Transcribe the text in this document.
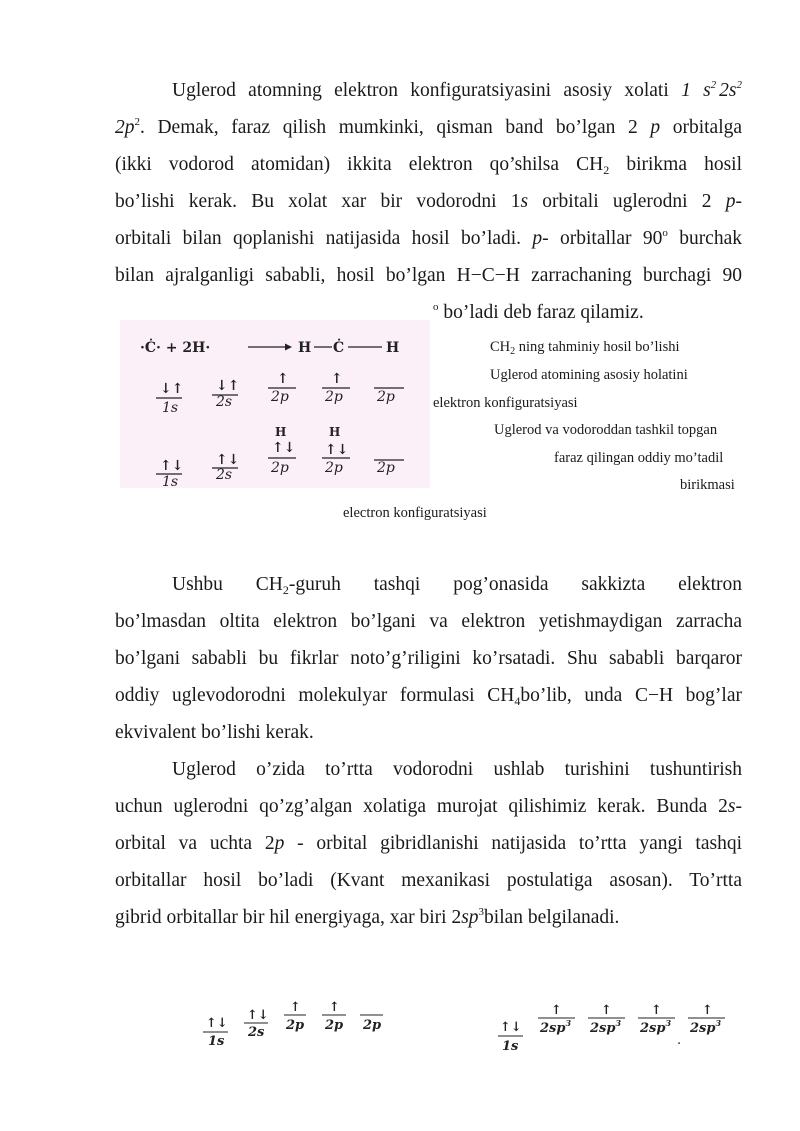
Uglerod atomning elektron konfiguratsiyasini asosiy xolati 1 $s^2$ $2s^2$
$2p^2$. Demak, faraz qilish mumkinki, qisman band bo’lgan 2 p orbitalga
(ikki vodorod atomidan) ikkita elektron qo’shilsa $CH_2$ birikma hosil
bo’lishi kerak. Bu xolat xar bir vodorodni 1s orbitali uglerodni 2 p-
orbitali bilan qoplanishi natijasida hosil bo’ladi. p- orbitallar 90$^o$ burchak
bilan ajralganligi sababli, hosil bo’lgan H−C−H zarrachaning burchagi 90
$^o$ bo’ladi deb faraz qilamiz.

·Ċ· + 2H·	H Ċ	H
↓↑ ↓↑	↑	↑
1s	2s	2p	2p 2p
H	H
↑↓ ↑↓
↑↓ ↑↓
1s	2s	2p	2p 2p
$CH_2$ ning tahminiy hosil bo’lishi
Uglerod atomining asosiy holatini
elektron konfiguratsiyasi
Uglerod va vodoroddan tashkil topgan
faraz qilingan oddiy mo’tadil
birikmasi
electron konfiguratsiyasi

Ushbu $CH_2$-guruh tashqi pog’onasida sakkizta elektron
bo’lmasdan oltita elektron bo’lgani va elektron yetishmaydigan zarracha
bo’lgani sababli bu fikrlar noto’g’riligini ko’rsatadi. Shu sababli barqaror
oddiy uglevodorodni molekulyar formulasi $CH_4bo’lib$, unda C−H bog’lar
ekvivalent bo’lishi kerak.

Uglerod o’zida to’rtta vodorodni ushlab turishini tushuntirish
uchun uglerodni qo’zg’algan xolatiga murojat qilishimiz kerak. Bunda 2s-
orbital va uchta 2p - orbital gibridlanishi natijasida to’rtta yangi tashqi
orbitallar hosil bo’ladi (Kvant mexanikasi postulatiga asosan). To’rtta
gibrid orbitallar bir hil energiyaga, xar biri $2sp^3bilan$ belgilanadi.

↑↓
↑↓
↑ ↑
1s
2s 2p 2p 2p	↑↓
↑	↑	↑	↑
1s
$2sp^3$ $2sp^3$ $2sp^3$ $2sp^3$
.
